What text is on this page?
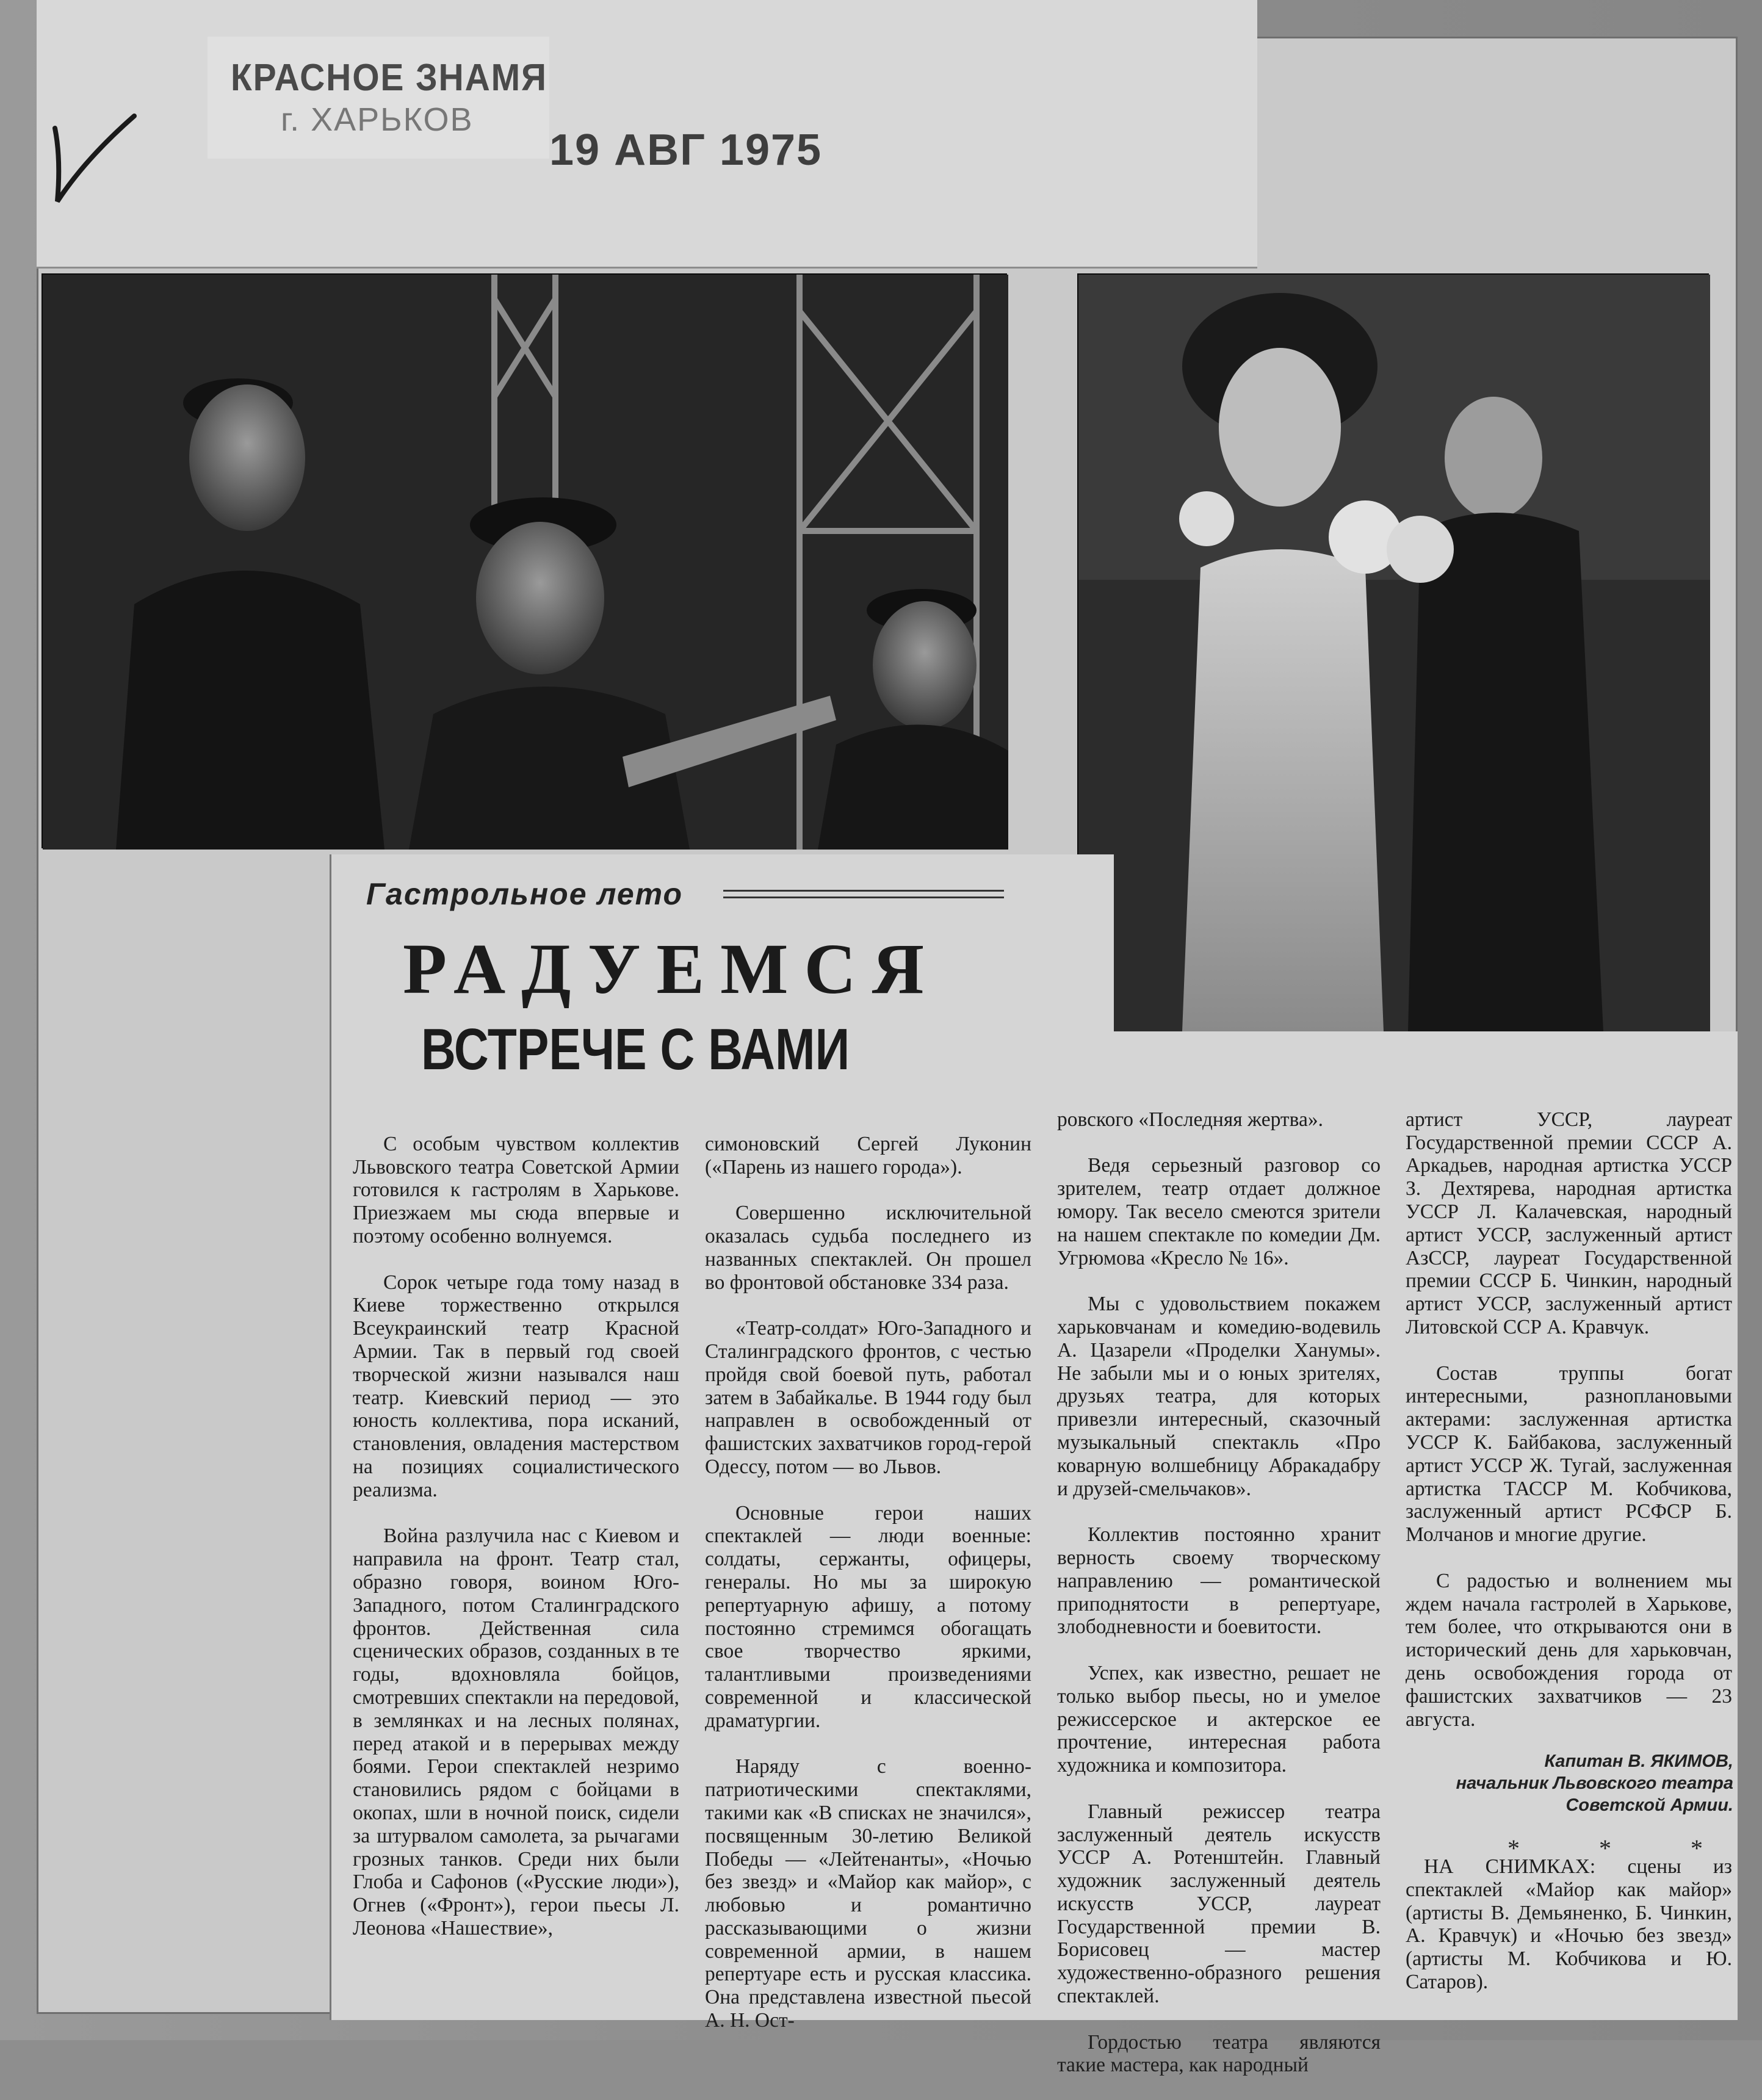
КРАСНОЕ ЗНАМЯ
г. ХАРЬКОВ
19 АВГ 1975
Гастрольное лето
РАДУЕМСЯ
ВСТРЕЧЕ С ВАМИ

С особым чувством коллектив Львовского театра Советской Армии готовился к гастролям в Харькове. Приезжаем мы сюда впервые и поэтому особенно волнуемся.

Сорок четыре года тому назад в Киеве торжественно открылся Всеукраинский театр Красной Армии. Так в первый год своей творческой жизни назывался наш театр. Киевский период — это юность коллектива, пора исканий, становления, овладения мастерством на позициях социалистического реализма.

Война разлучила нас с Киевом и направила на фронт. Театр стал, образно говоря, воином Юго-Западного, потом Сталинградского фронтов. Действенная сила сценических образов, созданных в те годы, вдохновляла бойцов, смотревших спектакли на передовой, в землянках и на лесных полянах, перед атакой и в перерывах между боями. Герои спектаклей незримо становились рядом с бойцами в окопах, шли в ночной поиск, сидели за штурвалом самолета, за рычагами грозных танков. Среди них были Глоба и Сафонов («Русские люди»), Огнев («Фронт»), герои пьесы Л. Леонова «Нашествие»,

симоновский Сергей Луконин («Парень из нашего города»).

Совершенно исключительной оказалась судьба последнего из названных спектаклей. Он прошел во фронтовой обстановке 334 раза.

«Театр-солдат» Юго-Западного и Сталинградского фронтов, с честью пройдя свой боевой путь, работал затем в Забайкалье. В 1944 году был направлен в освобожденный от фашистских захватчиков город-герой Одессу, потом — во Львов.

Основные герои наших спектаклей — люди военные: солдаты, сержанты, офицеры, генералы. Но мы за широкую репертуарную афишу, а потому постоянно стремимся обогащать свое творчество яркими, талантливыми произведениями современной и классической драматургии.

Наряду с военно-патриотическими спектаклями, такими как «В списках не значился», посвященным 30-летию Великой Победы — «Лейтенанты», «Ночью без звезд» и «Майор как майор», с любовью и романтично рассказывающими о жизни современной армии, в нашем репертуаре есть и русская классика. Она представлена известной пьесой А. Н. Ост-

ровского «Последняя жертва».

Ведя серьезный разговор со зрителем, театр отдает должное юмору. Так весело смеются зрители на нашем спектакле по комедии Дм. Угрюмова «Кресло № 16».

Мы с удовольствием покажем харьковчанам и комедию-водевиль А. Цазарели «Проделки Ханумы». Не забыли мы и о юных зрителях, друзьях театра, для которых привезли интересный, сказочный музыкальный спектакль «Про коварную волшебницу Абракадабру и друзей-смельчаков».

Коллектив постоянно хранит верность своему творческому направлению — романтической приподнятости в репертуаре, злободневности и боевитости.

Успех, как известно, решает не только выбор пьесы, но и умелое режиссерское и актерское ее прочтение, интересная работа художника и композитора.

Главный режиссер театра заслуженный деятель искусств УССР А. Ротенштейн. Главный художник заслуженный деятель искусств УССР, лауреат Государственной премии В. Борисовец — мастер художественно-образного решения спектаклей.

Гордостью театра являются такие мастера, как народный

артист УССР, лауреат Государственной премии СССР А. Аркадьев, народная артистка УССР З. Дехтярева, народная артистка УССР Л. Калачевская, народный артист УССР, заслуженный артист АзССР, лауреат Государственной премии СССР Б. Чинкин, народный артист УССР, заслуженный артист Литовской ССР А. Кравчук.

Состав труппы богат интересными, разноплановыми актерами: заслуженная артистка УССР К. Байбакова, заслуженный артист УССР Ж. Тугай, заслуженная артистка ТАССР М. Кобчикова, заслуженный артист РСФСР Б. Молчанов и многие другие.

С радостью и волнением мы ждем начала гастролей в Харькове, тем более, что открываются они в исторический день для харьковчан, день освобождения города от фашистских захватчиков — 23 августа.

Капитан В. ЯКИМОВ,
начальник Львовского театра Советской Армии.
* * *
НА СНИМКАХ: сцены из спектаклей «Майор как майор» (артисты В. Демьяненко, Б. Чинкин, А. Кравчук) и «Ночью без звезд» (артисты М. Кобчикова и Ю. Сатаров).
